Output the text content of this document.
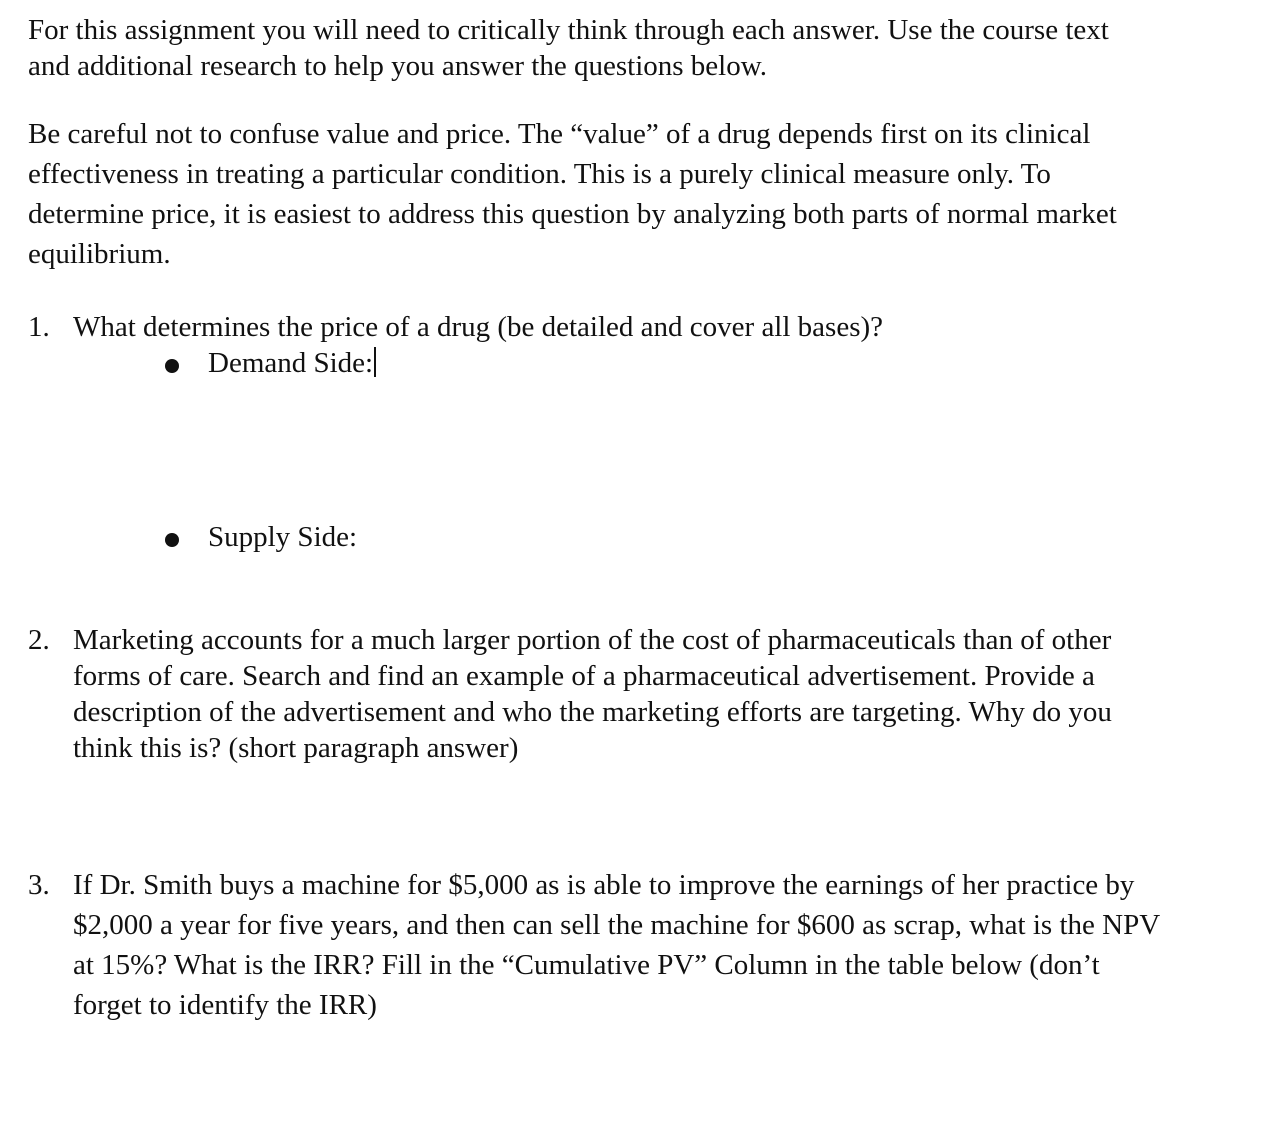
For this assignment you will need to critically think through each answer. Use the course text
and additional research to help you answer the questions below.

Be careful not to confuse value and price. The “value” of a drug depends first on its clinical
effectiveness in treating a particular condition. This is a purely clinical measure only. To
determine price, it is easiest to address this question by analyzing both parts of normal market
equilibrium.

1. What determines the price of a drug (be detailed and cover all bases)?

Demand Side:

Supply Side:

2. Marketing accounts for a much larger portion of the cost of pharmaceuticals than of other
forms of care. Search and find an example of a pharmaceutical advertisement. Provide a
description of the advertisement and who the marketing efforts are targeting. Why do you
think this is? (short paragraph answer)

3. If Dr. Smith buys a machine for $5,000 as is able to improve the earnings of her practice by
$2,000 a year for five years, and then can sell the machine for $600 as scrap, what is the NPV
at 15%? What is the IRR? Fill in the “Cumulative PV” Column in the table below (don’t
forget to identify the IRR)
